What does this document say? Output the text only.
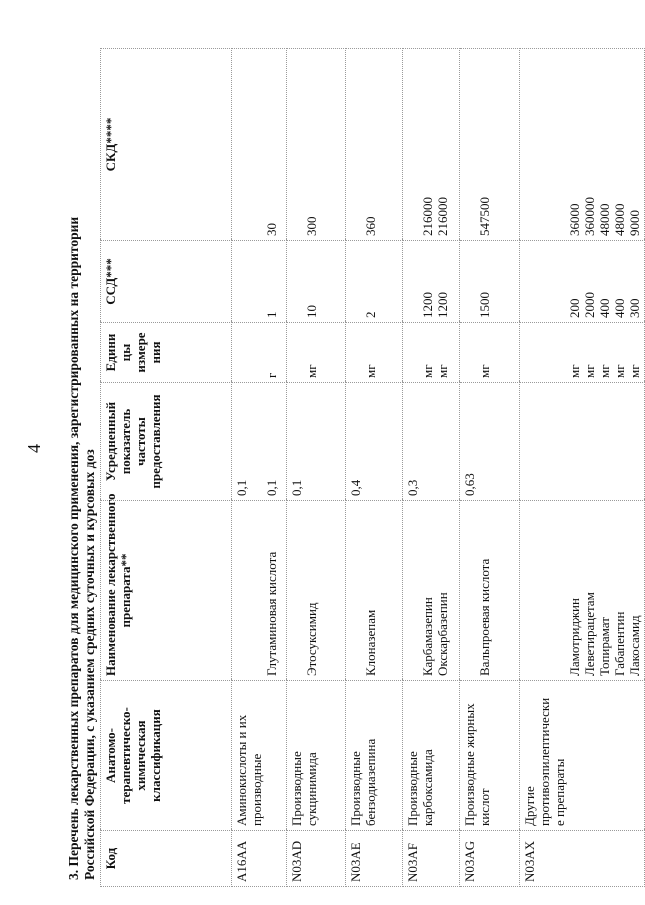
4 3. Перечень лекарственных препаратов для медицинского применения, зарегистрированных на территории Российской Федерации, с указанием средних суточных и курсовых доз Код	Анатомо- терапевтическо- химическая классификация	Наименование лекарственного препарата**	Усредненный показатель частоты предоставления	Едини цы измере ния	ССД***	СКД****
A16AA	Аминокислоты и их производные	Глутаминовая кислота	0,1 0,1	г	1	30

N03AD	Производные сукцинимида	Этосуксимид	0,1	мг	10	300

N03AE	Производные бензодиазепина	Клоназепам	0,4	мг	2	360

N03AF	Производные карбоксамида	Карбамазепин Окскарбазепин	0,3	мг мг	1200 1200	216000 216000

N03AG	Производные жирных кислот	Вальпроевая кислота	0,63	мг	1500	547500

N03AX	Другие противоэпилептически е препараты	Ламотриджин Леветирацетам Топирамат Габапентин Лакосамид		мг мг мг мг мг	200 2000 400 400 300	36000 360000 48000 48000 9000
